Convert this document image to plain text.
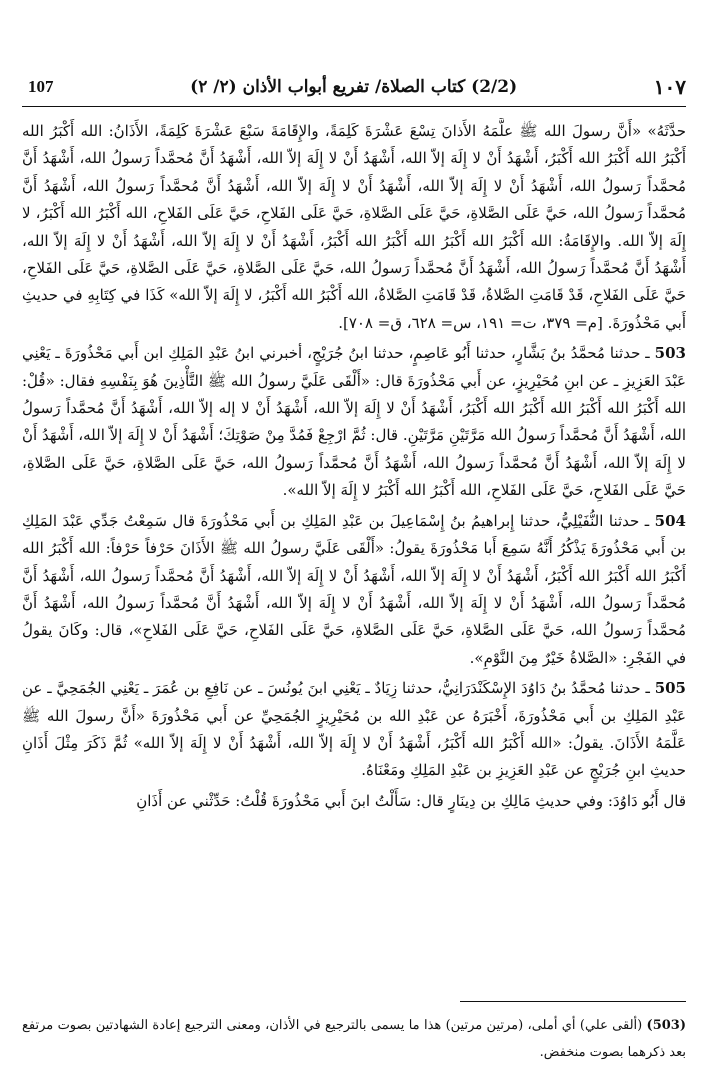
١٠٧
(2/2) كتاب الصلاة/ تفريع أبواب الأذان (٢/ ٢)
107

حدَّثَهُ» «أَنَّ رسولَ الله ﷺ علَّمَهُ الأَذانَ تِسْعَ عَشْرَةَ كَلِمَةً، والإِقَامَةَ سَبْعَ عَشْرَةَ كَلِمَةً، الأَذَانُ: الله أَكْبَرُ الله أَكْبَرُ الله أَكْبَرُ الله أَكْبَرُ، أَشْهَدُ أَنْ لا إِلَهَ إلاّ الله، أَشْهَدُ أَنْ لا إِلَهَ إلاّ الله، أَشْهَدُ أَنَّ مُحمَّداً رَسولُ الله، أَشْهَدُ أَنَّ مُحمَّداً رَسولُ الله، أَشْهَدُ أَنْ لا إِلَهَ إلاّ الله، أَشْهَدُ أَنْ لا إِلَهَ إلاّ الله، أَشْهَدُ أَنَّ مُحمَّداً رَسولُ الله، أَشْهَدُ أَنَّ مُحمَّداً رَسولُ الله، حَيَّ عَلَى الصَّلاةِ، حَيَّ عَلَى الصَّلاةِ، حَيَّ عَلَى الفَلاحِ، حَيَّ عَلَى الفَلاحِ، الله أَكْبَرُ الله أَكْبَرُ، لا إِلَهَ إلاّ الله. والإِقَامَةُ: الله أَكْبَرُ الله أَكْبَرُ الله أَكْبَرُ الله أَكْبَرُ، أَشْهَدُ أَنْ لا إِلَهَ إلاّ الله، أَشْهَدُ أَنْ لا إِلَهَ إلاّ الله، أَشْهَدُ أَنَّ مُحمَّداً رَسولُ الله، أَشْهَدُ أَنَّ مُحمَّداً رَسولُ الله، حَيَّ عَلَى الصَّلاةِ، حَيَّ عَلَى الصَّلاةِ، حَيَّ عَلَى الفَلاحِ، حَيَّ عَلَى الفَلاحِ، قَدْ قَامَتِ الصَّلاةُ، قَدْ قَامَتِ الصَّلاةُ، الله أَكْبَرُ الله أَكْبَرُ، لا إِلَهَ إلاّ الله» كَذَا في كِتَابِهِ في حديثِ أَبي مَحْذُورَةَ. [م= ٣٧٩، ت= ١٩١، س= ٦٢٨، ق= ٧٠٨].

503 ـ حدثنا مُحمَّدُ بنُ بَشَّارٍ، حدثنا أَبُو عَاصِمٍ، حدثنا ابنُ جُرَيْجٍ، أخبرني ابنُ عَبْدِ المَلِكِ ابن أَبي مَحْذُورَةَ ـ يَعْنِي عَبْدَ العَزِيزِ ـ عن ابنِ مُحَيْرِيزٍ، عن أَبي مَحْذُورَةَ قال: «أَلْقَى عَلَيَّ رسولُ الله ﷺ التَّأْذِينَ هُوَ بِنَفْسِهِ فقال: «قُلْ: الله أَكْبَرُ الله أَكْبَرُ الله أَكْبَرُ الله أَكْبَرُ، أَشْهَدُ أَنْ لا إِلَهَ إلاّ الله، أَشْهَدُ أَنْ لا إله إلاّ الله، أَشْهَدُ أَنَّ مُحمَّداً رَسولُ الله، أَشْهَدُ أَنَّ مُحمَّداً رَسولُ الله مَرَّتَيْنِ مَرَّتَيْنِ. قال: ثُمَّ ارْجِعْ فَمُدَّ مِنْ صَوْتِكَ؛ أَشْهَدُ أَنْ لا إِلَهَ إلاّ الله، أَشْهَدُ أَنْ لا إِلَهَ إلاّ الله، أَشْهَدُ أَنَّ مُحمَّداً رَسولُ الله، أَشْهَدُ أَنَّ مُحمَّداً رَسولُ الله، حَيَّ عَلَى الصَّلاةِ، حَيَّ عَلَى الصَّلاةِ، حَيَّ عَلَى الفَلاحِ، حَيَّ عَلَى الفَلاحِ، الله أَكْبَرُ الله أَكْبَرُ لا إِلَهَ إلاّ الله».

504 ـ حدثنا النُّفَيْلِيُّ، حدثنا إِبراهيمُ بنُ إِسْمَاعِيلَ بن عَبْدِ المَلِكِ بن أَبي مَحْذُورَةَ قال سَمِعْتُ جَدِّي عَبْدَ المَلِكِ بن أَبي مَحْذُورَةَ يَذْكُرُ أَنَّهُ سَمِعَ أَبا مَحْذُورَةَ يقولُ: «أَلْقَى عَلَيَّ رسولُ الله ﷺ الأَذَانَ حَرْفاً حَرْفاً: الله أَكْبَرُ الله أَكْبَرُ الله أَكْبَرُ الله أَكْبَرُ، أَشْهَدُ أَنْ لا إِلَهَ إلاّ الله، أَشْهَدُ أَنْ لا إِلَهَ إلاّ الله، أَشْهَدُ أَنَّ مُحمَّداً رَسولُ الله، أَشْهَدُ أَنَّ مُحمَّداً رَسولُ الله، أَشْهَدُ أَنْ لا إِلَهَ إلاّ الله، أَشْهَدُ أَنْ لا إِلَهَ إلاّ الله، أَشْهَدُ أَنَّ مُحمَّداً رَسولُ الله، أَشْهَدُ أَنَّ مُحمَّداً رَسولُ الله، حَيَّ عَلَى الصَّلاةِ، حَيَّ عَلَى الصَّلاةِ، حَيَّ عَلَى الفَلاحِ، حَيَّ عَلَى الفَلاحِ»، قال: وكَانَ يقولُ في الفَجْرِ: «الصَّلاةُ خَيْرٌ مِنَ النَّوْمِ».

505 ـ حدثنا مُحمَّدُ بنُ دَاوُدَ الإِسْكَنْدَرَانِيُّ، حدثنا زِيَادٌ ـ يَعْنِي ابنَ يُونُسَ ـ عن نَافِعِ بن عُمَرَ ـ يَعْنِي الجُمَحِيَّ ـ عن عَبْدِ المَلِكِ بن أَبي مَحْذُورَةَ، أَخْبَرَهُ عن عَبْدِ الله بن مُحَيْرِيزٍ الجُمَحِيِّ عن أَبي مَحْذُورَةَ «أَنَّ رسولَ الله ﷺ عَلَّمَهُ الأَذَانَ. يقولُ: «الله أَكْبَرُ الله أَكْبَرُ، أَشْهَدُ أَنْ لا إِلَهَ إلاّ الله، أَشْهَدُ أَنْ لا إِلَهَ إلاّ الله» ثُمَّ ذَكَرَ مِثْلَ أَذَانِ حديثِ ابنِ جُرَيْجٍ عن عَبْدِ العَزِيزِ بن عَبْدِ المَلِكِ ومَعْنَاهُ.

قال أَبُو دَاوُدَ: وفي حديثِ مَالِكِ بن دِينَارٍ قال: سَأَلْتُ ابنَ أَبي مَحْذُورَةَ قُلْتُ: حَدِّثْني عن أَذَانِ

(503) (ألقى علي) أي أملى، (مرتين مرتين) هذا ما يسمى بالترجيع في الأذان، ومعنى الترجيع إعادة الشهادتين بصوت مرتفع بعد ذكرهما بصوت منخفض.
